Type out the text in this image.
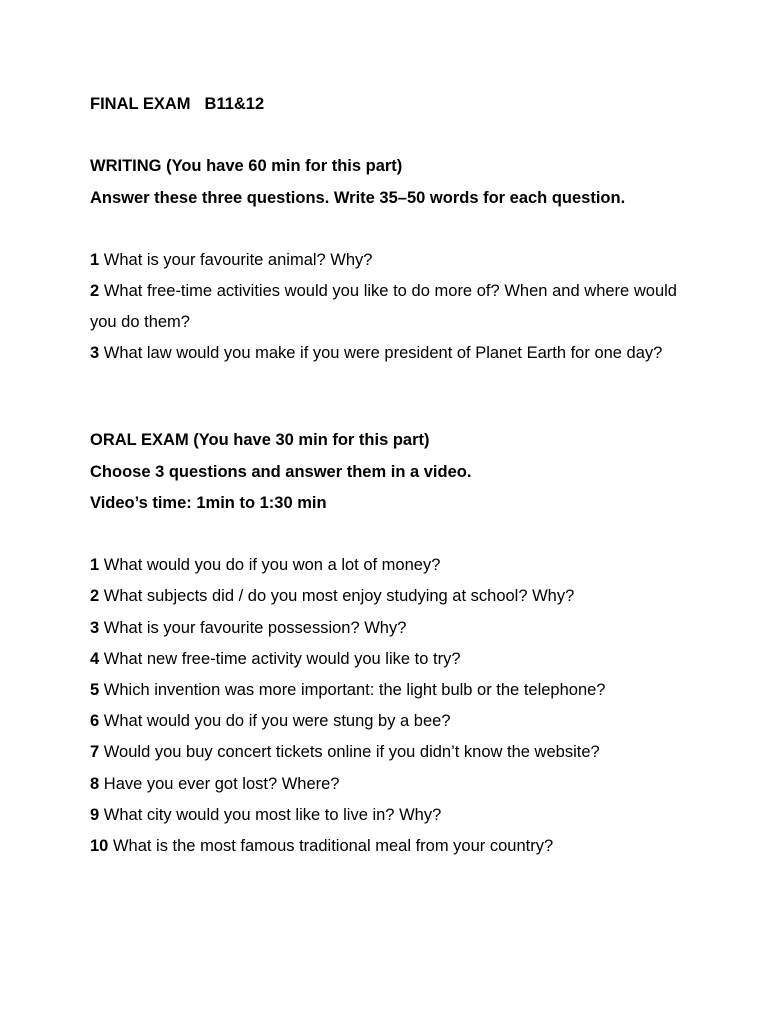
FINAL EXAM B11&12
WRITING (You have 60 min for this part)
Answer these three questions. Write 35–50 words for each question.
1 What is your favourite animal? Why?
2 What free-time activities would you like to do more of? When and where would you do them?
3 What law would you make if you were president of Planet Earth for one day?
ORAL EXAM (You have 30 min for this part)
Choose 3 questions and answer them in a video.
Video’s time: 1min to 1:30 min
1 What would you do if you won a lot of money?
2 What subjects did / do you most enjoy studying at school? Why?
3 What is your favourite possession? Why?
4 What new free-time activity would you like to try?
5 Which invention was more important: the light bulb or the telephone?
6 What would you do if you were stung by a bee?
7 Would you buy concert tickets online if you didn’t know the website?
8 Have you ever got lost? Where?
9 What city would you most like to live in? Why?
10 What is the most famous traditional meal from your country?
